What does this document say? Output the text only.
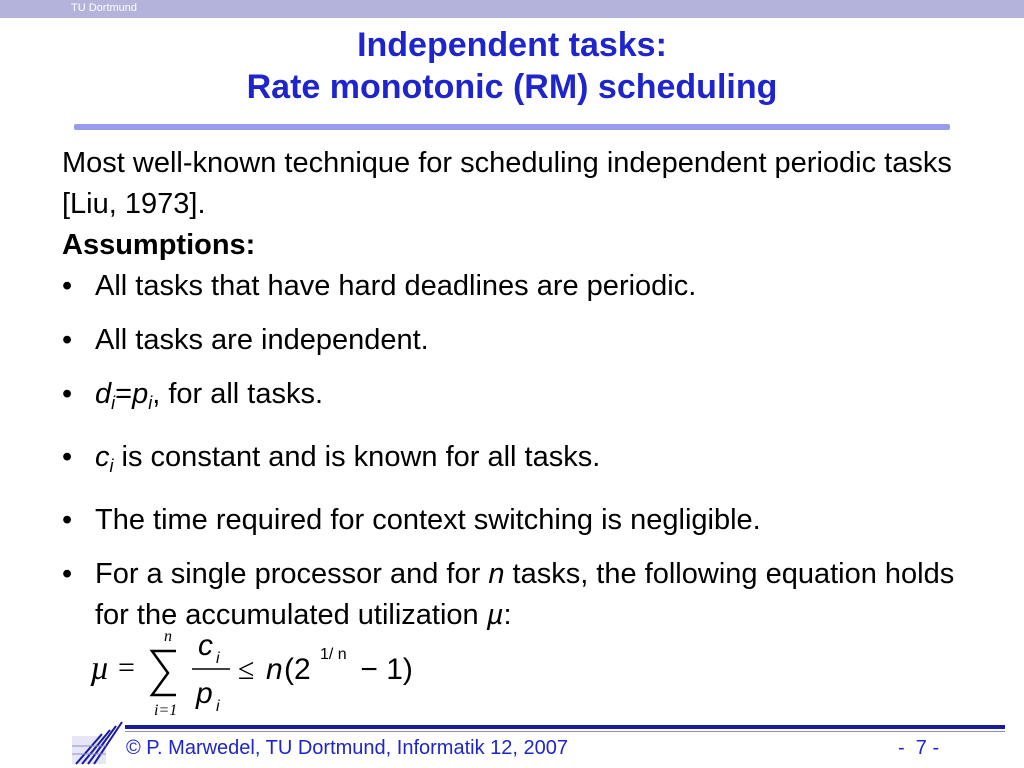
TU Dortmund
Independent tasks:
Rate monotonic (RM) scheduling

Most well-known technique for scheduling independent periodic tasks [Liu, 1973].

Assumptions:

• All tasks that have hard deadlines are periodic.
• All tasks are independent.
• $d_i=p_i$, for all tasks.
• $c_i$ is constant and is known for all tasks.
• The time required for context switching is negligible.
• For a single processor and for n tasks, the following equation holds for the accumulated utilization µ:
µ =
n
i=1
c i
p i
≤ n (2 1/ n − 1)
© P. Marwedel, TU Dortmund, Informatik 12, 2007	-  7 -
